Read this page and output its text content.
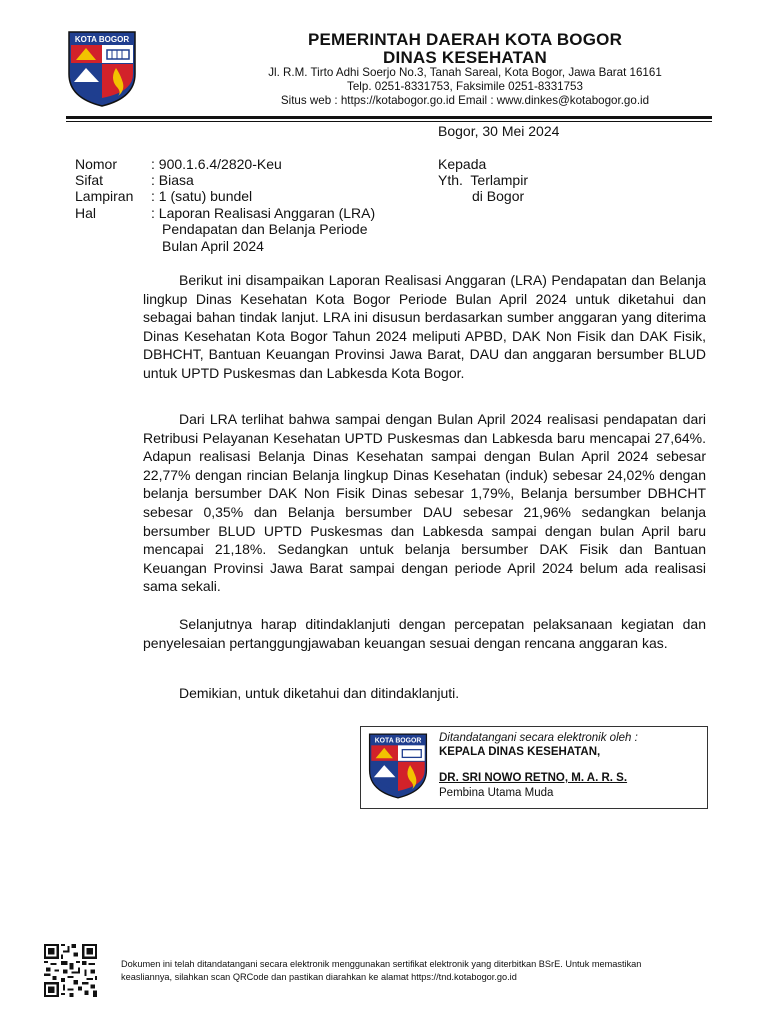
KOTA BOGOR	PEMERINTAH DAERAH KOTA BOGOR
DINAS KESEHATAN
Jl. R.M. Tirto Adhi Soerjo No.3, Tanah Sareal, Kota Bogor, Jawa Barat 16161
Telp. 0251-8331753, Faksimile 0251-8331753
Situs web : https://kotabogor.go.id Email : www.dinkes@kotabogor.go.id
Bogor, 30 Mei 2024
Nomor : 900.1.6.4/2820-Keu
Sifat	: Biasa
Lampiran : 1 (satu) bundel
Hal	: Laporan Realisasi Anggaran (LRA)
Pendapatan dan Belanja Periode
Bulan April 2024
Kepada
Yth.  Terlampir
di Bogor

Berikut ini disampaikan Laporan Realisasi Anggaran (LRA) Pendapatan dan Belanja lingkup Dinas Kesehatan Kota Bogor Periode Bulan April 2024 untuk diketahui dan sebagai bahan tindak lanjut. LRA ini disusun berdasarkan sumber anggaran yang diterima Dinas Kesehatan Kota Bogor Tahun 2024 meliputi APBD, DAK Non Fisik dan DAK Fisik, DBHCHT, Bantuan Keuangan Provinsi Jawa Barat, DAU dan anggaran bersumber BLUD untuk UPTD Puskesmas dan Labkesda Kota Bogor.

Dari LRA terlihat bahwa sampai dengan Bulan April 2024 realisasi pendapatan dari Retribusi Pelayanan Kesehatan UPTD Puskesmas dan Labkesda baru mencapai 27,64%. Adapun realisasi Belanja Dinas Kesehatan sampai dengan Bulan April 2024 sebesar 22,77% dengan rincian Belanja lingkup Dinas Kesehatan (induk) sebesar 24,02% dengan belanja bersumber DAK Non Fisik Dinas sebesar 1,79%, Belanja bersumber DBHCHT sebesar 0,35% dan Belanja bersumber DAU sebesar 21,96% sedangkan belanja bersumber BLUD UPTD Puskesmas dan Labkesda sampai dengan bulan April baru mencapai 21,18%. Sedangkan untuk belanja bersumber DAK Fisik dan Bantuan Keuangan Provinsi Jawa Barat sampai dengan periode April 2024 belum ada realisasi sama sekali.

Selanjutnya harap ditindaklanjuti dengan percepatan pelaksanaan kegiatan dan penyelesaian pertanggungjawaban keuangan sesuai dengan rencana anggaran kas.

Demikian, untuk diketahui dan ditindaklanjuti.

KOTA BOGOR Ditandatangani secara elektronik oleh :
KEPALA DINAS KESEHATAN,
DR. SRI NOWO RETNO, M. A. R. S.
Pembina Utama Muda
Dokumen ini telah ditandatangani secara elektronik menggunakan sertifikat elektronik yang diterbitkan BSrE. Untuk memastikan
keasliannya, silahkan scan QRCode dan pastikan diarahkan ke alamat https://tnd.kotabogor.go.id
